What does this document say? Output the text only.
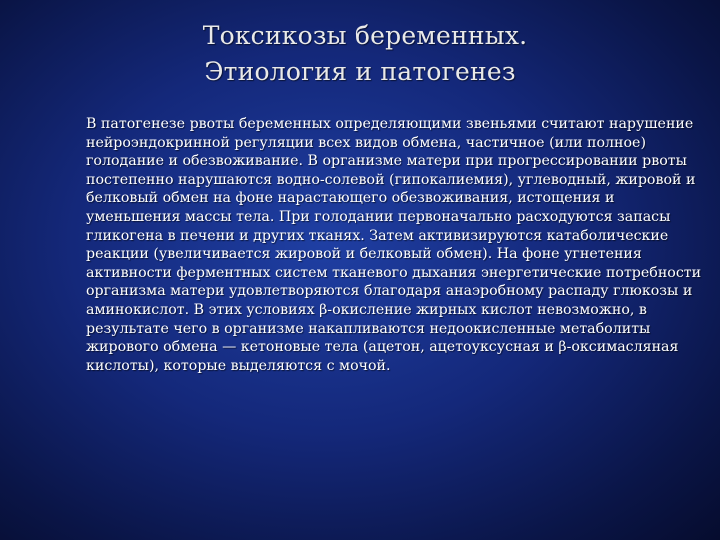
Токсикозы беременных.
Этиология и патогенез
В патогенезе рвоты беременных определяющими звеньями считают нарушение нейроэндокринной регуляции всех видов обмена, частичное (или полное) голодание и обезвоживание. В организме матери при прогрессировании рвоты постепенно нарушаются водно-солевой (гипокалиемия), углеводный, жировой и белковый обмен на фоне нарастающего обезвоживания, истощения и уменьшения массы тела. При голодании первоначально расходуются запасы гликогена в печени и других тканях. Затем активизируются катаболические реакции (увеличивается жировой и белковый обмен). На фоне угнетения активности ферментных систем тканевого дыхания энергетические потребности организма матери удовлетворяются благодаря анаэробному распаду глюкозы и аминокислот. В этих условиях β-окисление жирных кислот невозможно, в результате чего в организме накапливаются недоокисленные метаболиты жирового обмена — кетоновые тела (ацетон, ацетоуксусная и β-оксимасляная кислоты), которые выделяются с мочой.
